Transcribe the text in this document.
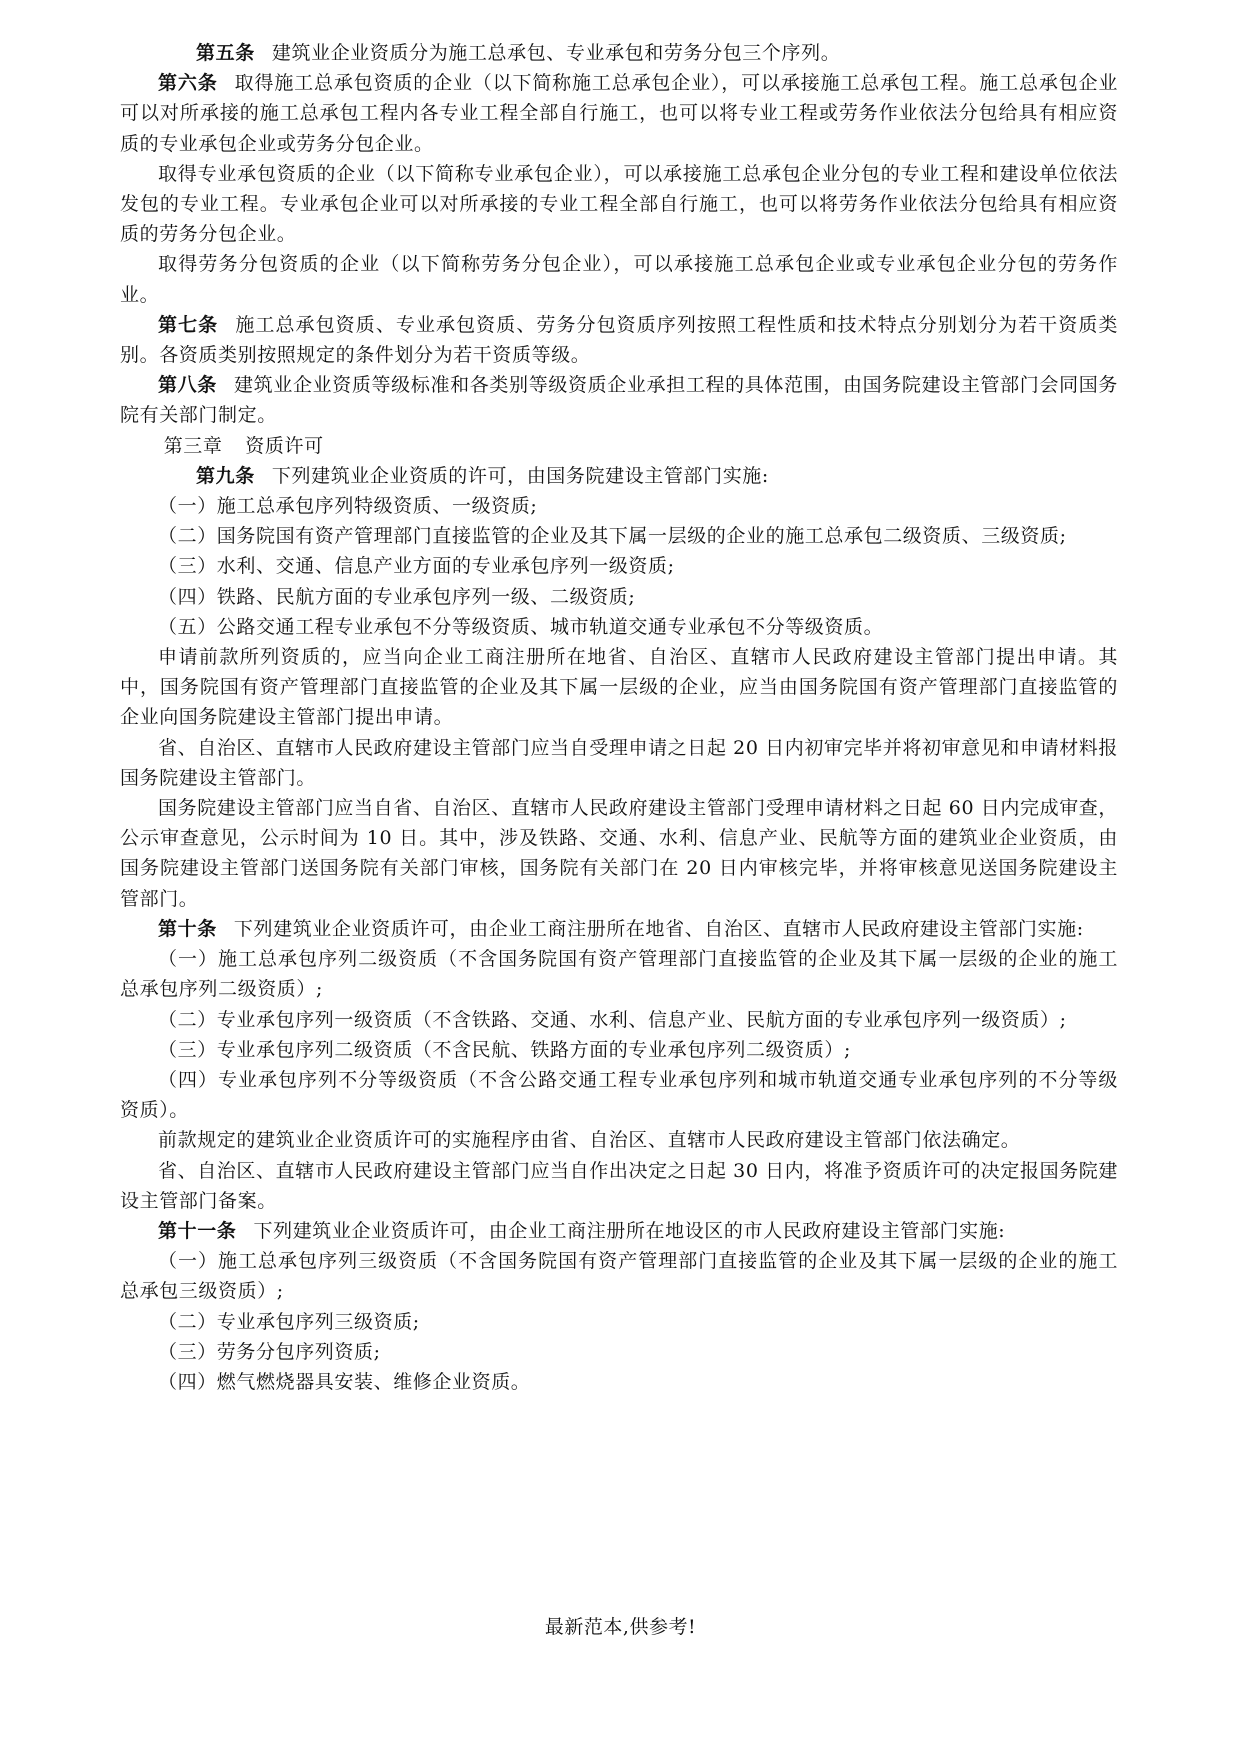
第五条 建筑业企业资质分为施工总承包、专业承包和劳务分包三个序列。

第六条 取得施工总承包资质的企业（以下简称施工总承包企业），可以承接施工总承包工程。施工总承包企业可以对所承接的施工总承包工程内各专业工程全部自行施工，也可以将专业工程或劳务作业依法分包给具有相应资质的专业承包企业或劳务分包企业。

取得专业承包资质的企业（以下简称专业承包企业），可以承接施工总承包企业分包的专业工程和建设单位依法发包的专业工程。专业承包企业可以对所承接的专业工程全部自行施工，也可以将劳务作业依法分包给具有相应资质的劳务分包企业。

取得劳务分包资质的企业（以下简称劳务分包企业），可以承接施工总承包企业或专业承包企业分包的劳务作业。

第七条 施工总承包资质、专业承包资质、劳务分包资质序列按照工程性质和技术特点分别划分为若干资质类别。各资质类别按照规定的条件划分为若干资质等级。

第八条 建筑业企业资质等级标准和各类别等级资质企业承担工程的具体范围，由国务院建设主管部门会同国务院有关部门制定。

第三章 资质许可

第九条 下列建筑业企业资质的许可，由国务院建设主管部门实施:

（一）施工总承包序列特级资质、一级资质;

（二）国务院国有资产管理部门直接监管的企业及其下属一层级的企业的施工总承包二级资质、三级资质;

（三）水利、交通、信息产业方面的专业承包序列一级资质;

（四）铁路、民航方面的专业承包序列一级、二级资质;

（五）公路交通工程专业承包不分等级资质、城市轨道交通专业承包不分等级资质。

申请前款所列资质的，应当向企业工商注册所在地省、自治区、直辖市人民政府建设主管部门提出申请。其中，国务院国有资产管理部门直接监管的企业及其下属一层级的企业，应当由国务院国有资产管理部门直接监管的企业向国务院建设主管部门提出申请。

省、自治区、直辖市人民政府建设主管部门应当自受理申请之日起 20 日内初审完毕并将初审意见和申请材料报国务院建设主管部门。

国务院建设主管部门应当自省、自治区、直辖市人民政府建设主管部门受理申请材料之日起 60 日内完成审查，公示审查意见，公示时间为 10 日。其中，涉及铁路、交通、水利、信息产业、民航等方面的建筑业企业资质，由国务院建设主管部门送国务院有关部门审核，国务院有关部门在 20 日内审核完毕，并将审核意见送国务院建设主管部门。

第十条 下列建筑业企业资质许可，由企业工商注册所在地省、自治区、直辖市人民政府建设主管部门实施:

（一）施工总承包序列二级资质（不含国务院国有资产管理部门直接监管的企业及其下属一层级的企业的施工总承包序列二级资质）;

（二）专业承包序列一级资质（不含铁路、交通、水利、信息产业、民航方面的专业承包序列一级资质）;

（三）专业承包序列二级资质（不含民航、铁路方面的专业承包序列二级资质）;

（四）专业承包序列不分等级资质（不含公路交通工程专业承包序列和城市轨道交通专业承包序列的不分等级资质）。

前款规定的建筑业企业资质许可的实施程序由省、自治区、直辖市人民政府建设主管部门依法确定。

省、自治区、直辖市人民政府建设主管部门应当自作出决定之日起 30 日内，将准予资质许可的决定报国务院建设主管部门备案。

第十一条 下列建筑业企业资质许可，由企业工商注册所在地设区的市人民政府建设主管部门实施:

（一）施工总承包序列三级资质（不含国务院国有资产管理部门直接监管的企业及其下属一层级的企业的施工总承包三级资质）;

（二）专业承包序列三级资质;

（三）劳务分包序列资质;

（四）燃气燃烧器具安装、维修企业资质。

最新范本,供参考!
